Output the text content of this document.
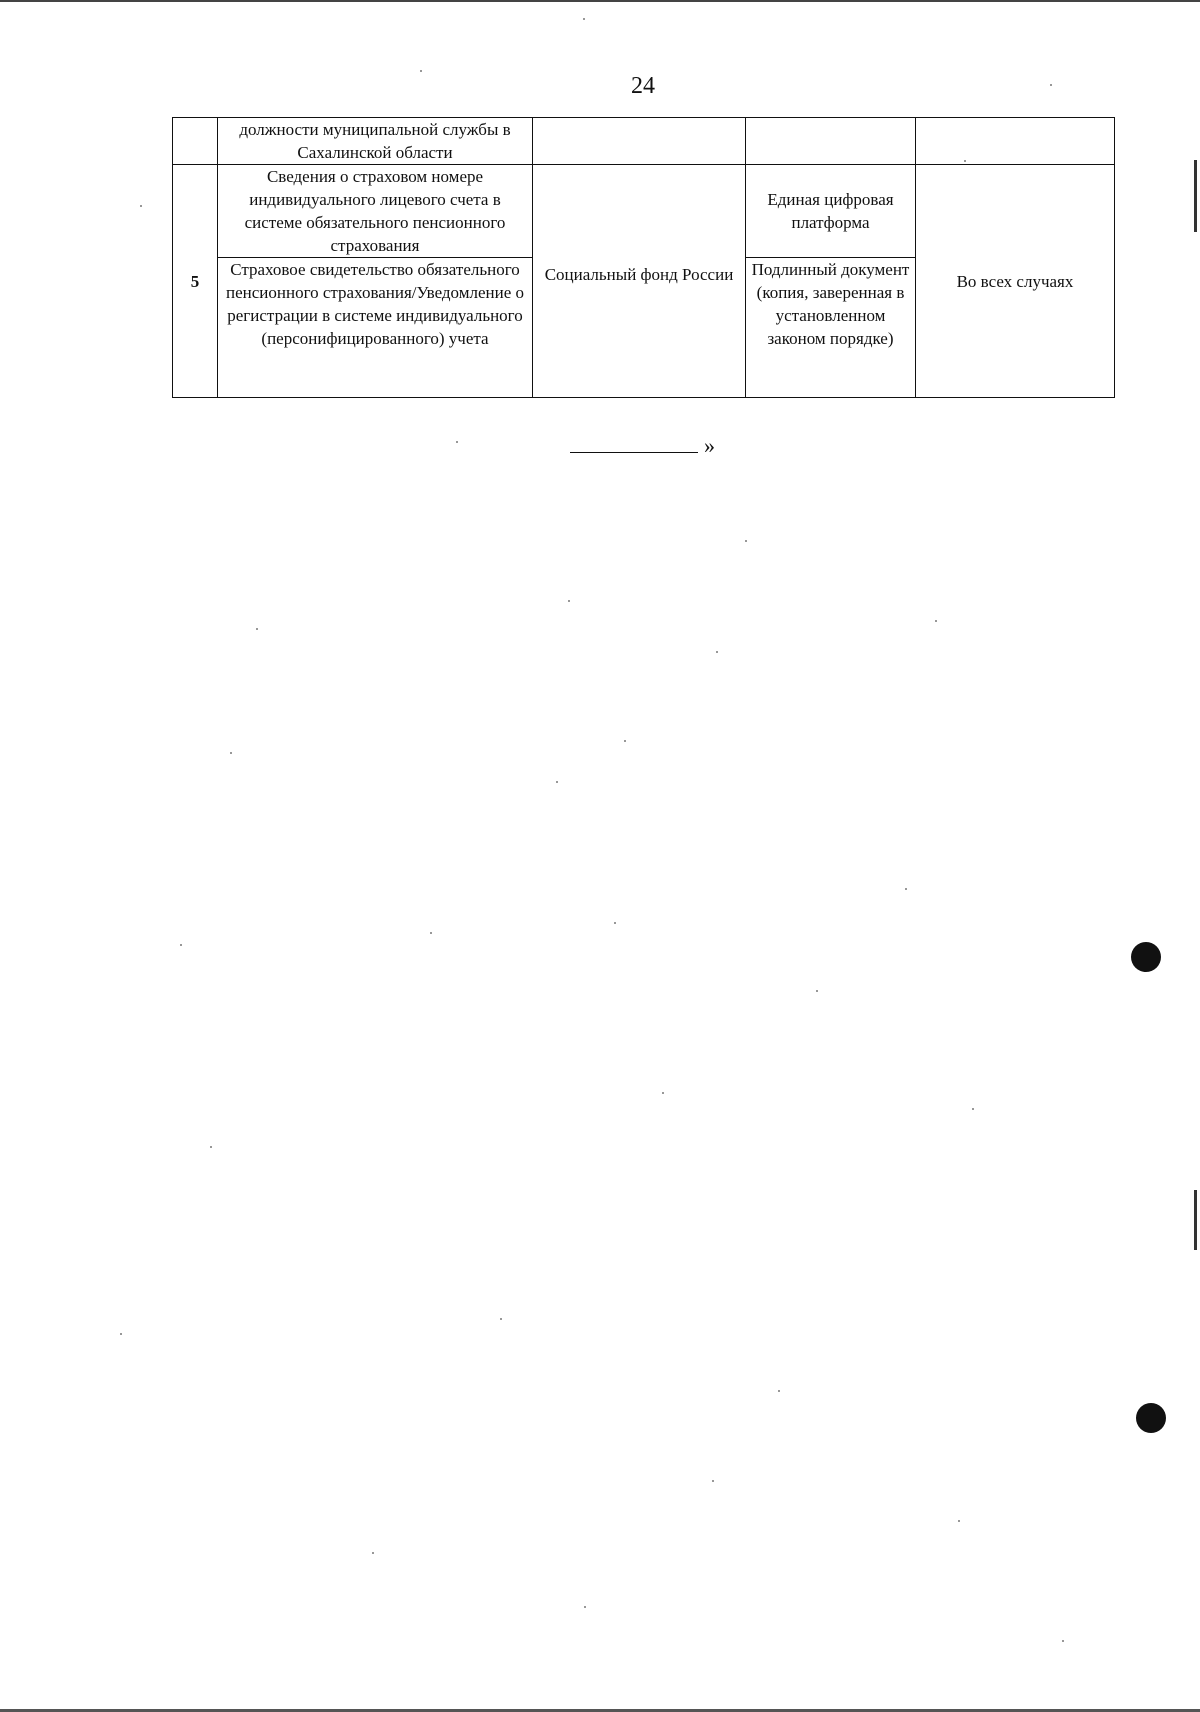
24
	должности муниципальной службы в Сахалинской области			
5	Сведения о страховом номере индивидуального лицевого счета в системе обязательного пенсионного страхования	Социальный фонд России	Единая цифровая платформа	Во всех случаях
	Страховое свидетельство обязательного пенсионного страхования/Уведомление о регистрации в системе индивидуального (персонифицированного) учета		Подлинный документ (копия, заверенная в установленном законом порядке)	
»
